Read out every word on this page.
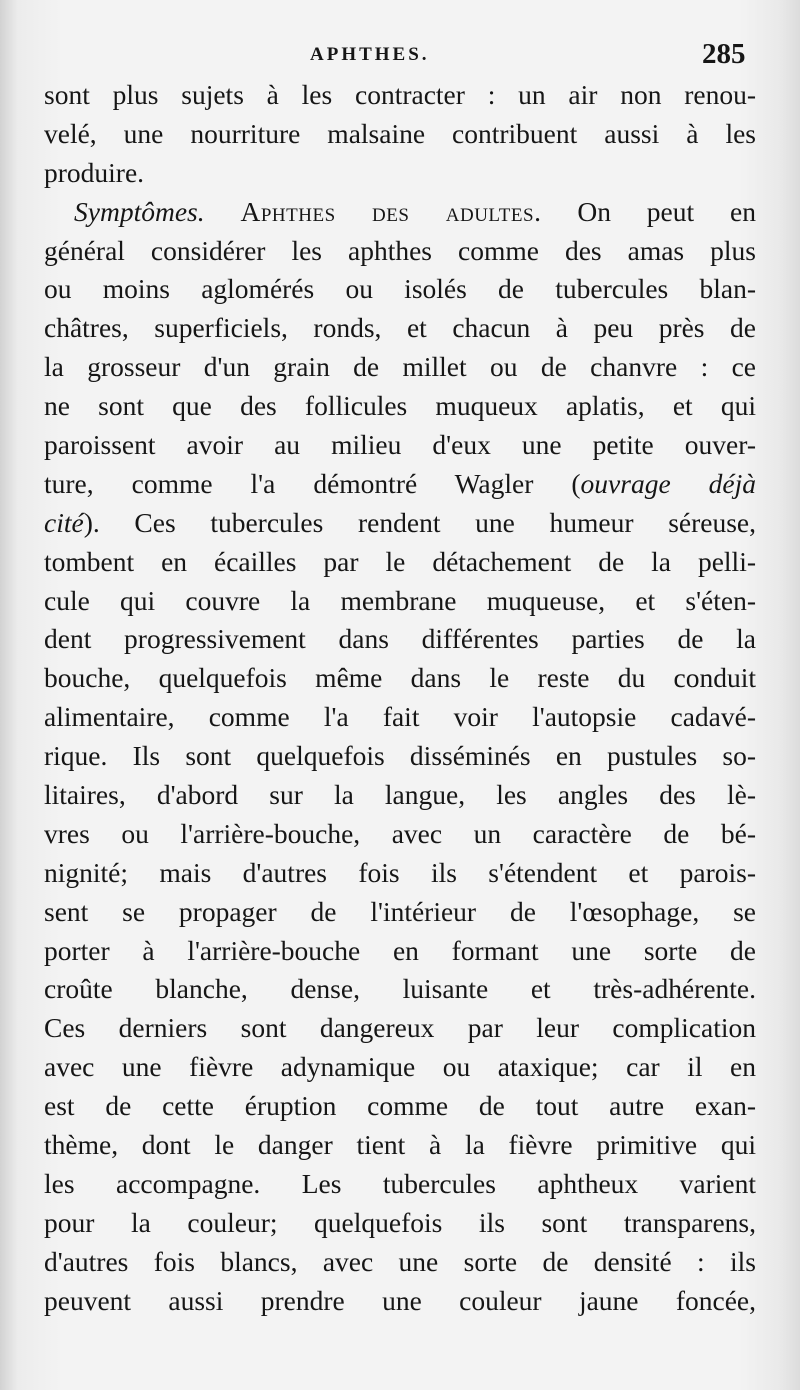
APHTHES.	285
sont plus sujets à les contracter : un air non renou-
velé, une nourriture malsaine contribuent aussi à les
produire.
Symptômes. Aphthes des adultes. On peut en
général considérer les aphthes comme des amas plus
ou moins aglomérés ou isolés de tubercules blan-
châtres, superficiels, ronds, et chacun à peu près de
la grosseur d'un grain de millet ou de chanvre : ce
ne sont que des follicules muqueux aplatis, et qui
paroissent avoir au milieu d'eux une petite ouver-
ture, comme l'a démontré Wagler (ouvrage déjà
cité). Ces tubercules rendent une humeur séreuse,
tombent en écailles par le détachement de la pelli-
cule qui couvre la membrane muqueuse, et s'éten-
dent progressivement dans différentes parties de la
bouche, quelquefois même dans le reste du conduit
alimentaire, comme l'a fait voir l'autopsie cadavé-
rique. Ils sont quelquefois disséminés en pustules so-
litaires, d'abord sur la langue, les angles des lè-
vres ou l'arrière-bouche, avec un caractère de bé-
nignité; mais d'autres fois ils s'étendent et parois-
sent se propager de l'intérieur de l'œsophage, se
porter à l'arrière-bouche en formant une sorte de
croûte blanche, dense, luisante et très-adhérente.
Ces derniers sont dangereux par leur complication
avec une fièvre adynamique ou ataxique; car il en
est de cette éruption comme de tout autre exan-
thème, dont le danger tient à la fièvre primitive qui
les accompagne. Les tubercules aphtheux varient
pour la couleur; quelquefois ils sont transparens,
d'autres fois blancs, avec une sorte de densité : ils
peuvent aussi prendre une couleur jaune foncée,
